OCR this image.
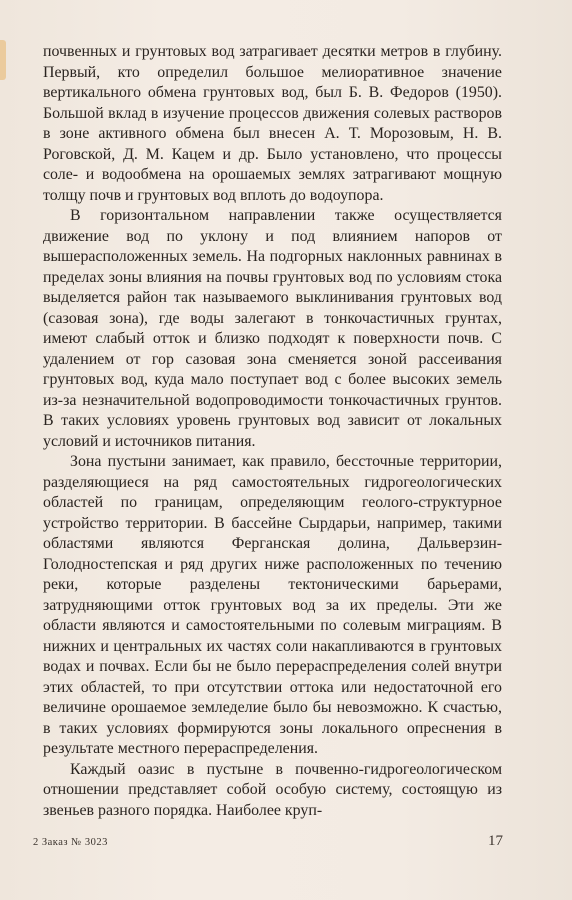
почвенных и грунтовых вод затрагивает десятки метров в глубину. Первый, кто определил большое мелиоративное значение вертикального обмена грунтовых вод, был Б. В. Федоров (1950). Большой вклад в изучение процессов движения солевых растворов в зоне активного обмена был внесен А. Т. Морозовым, Н. В. Роговской, Д. М. Кацем и др. Было установлено, что процессы соле- и водообмена на орошаемых землях затрагивают мощную толщу почв и грунтовых вод вплоть до водоупора.

В горизонтальном направлении также осуществляется движение вод по уклону и под влиянием напоров от вышерасположенных земель. На подгорных наклонных равнинах в пределах зоны влияния на почвы грунтовых вод по условиям стока выделяется район так называемого выклинивания грунтовых вод (сазовая зона), где воды залегают в тонкочастичных грунтах, имеют слабый отток и близко подходят к поверхности почв. С удалением от гор сазовая зона сменяется зоной рассеивания грунтовых вод, куда мало поступает вод с более высоких земель из-за незначительной водопроводимости тонкочастичных грунтов. В таких условиях уровень грунтовых вод зависит от локальных условий и источников питания.

Зона пустыни занимает, как правило, бессточные территории, разделяющиеся на ряд самостоятельных гидрогеологических областей по границам, определяющим геолого-структурное устройство территории. В бассейне Сырдарьи, например, такими областями являются Ферганская долина, Дальверзин-Голодностепская и ряд других ниже расположенных по течению реки, которые разделены тектоническими барьерами, затрудняющими отток грунтовых вод за их пределы. Эти же области являются и самостоятельными по солевым миграциям. В нижних и центральных их частях соли накапливаются в грунтовых водах и почвах. Если бы не было перераспределения солей внутри этих областей, то при отсутствии оттока или недостаточной его величине орошаемое земледелие было бы невозможно. К счастью, в таких условиях формируются зоны локального опреснения в результате местного перераспределения.

Каждый оазис в пустыне в почвенно-гидрогеологическом отношении представляет собой особую систему, состоящую из звеньев разного порядка. Наиболее круп-

2 Заказ № 3023	17
